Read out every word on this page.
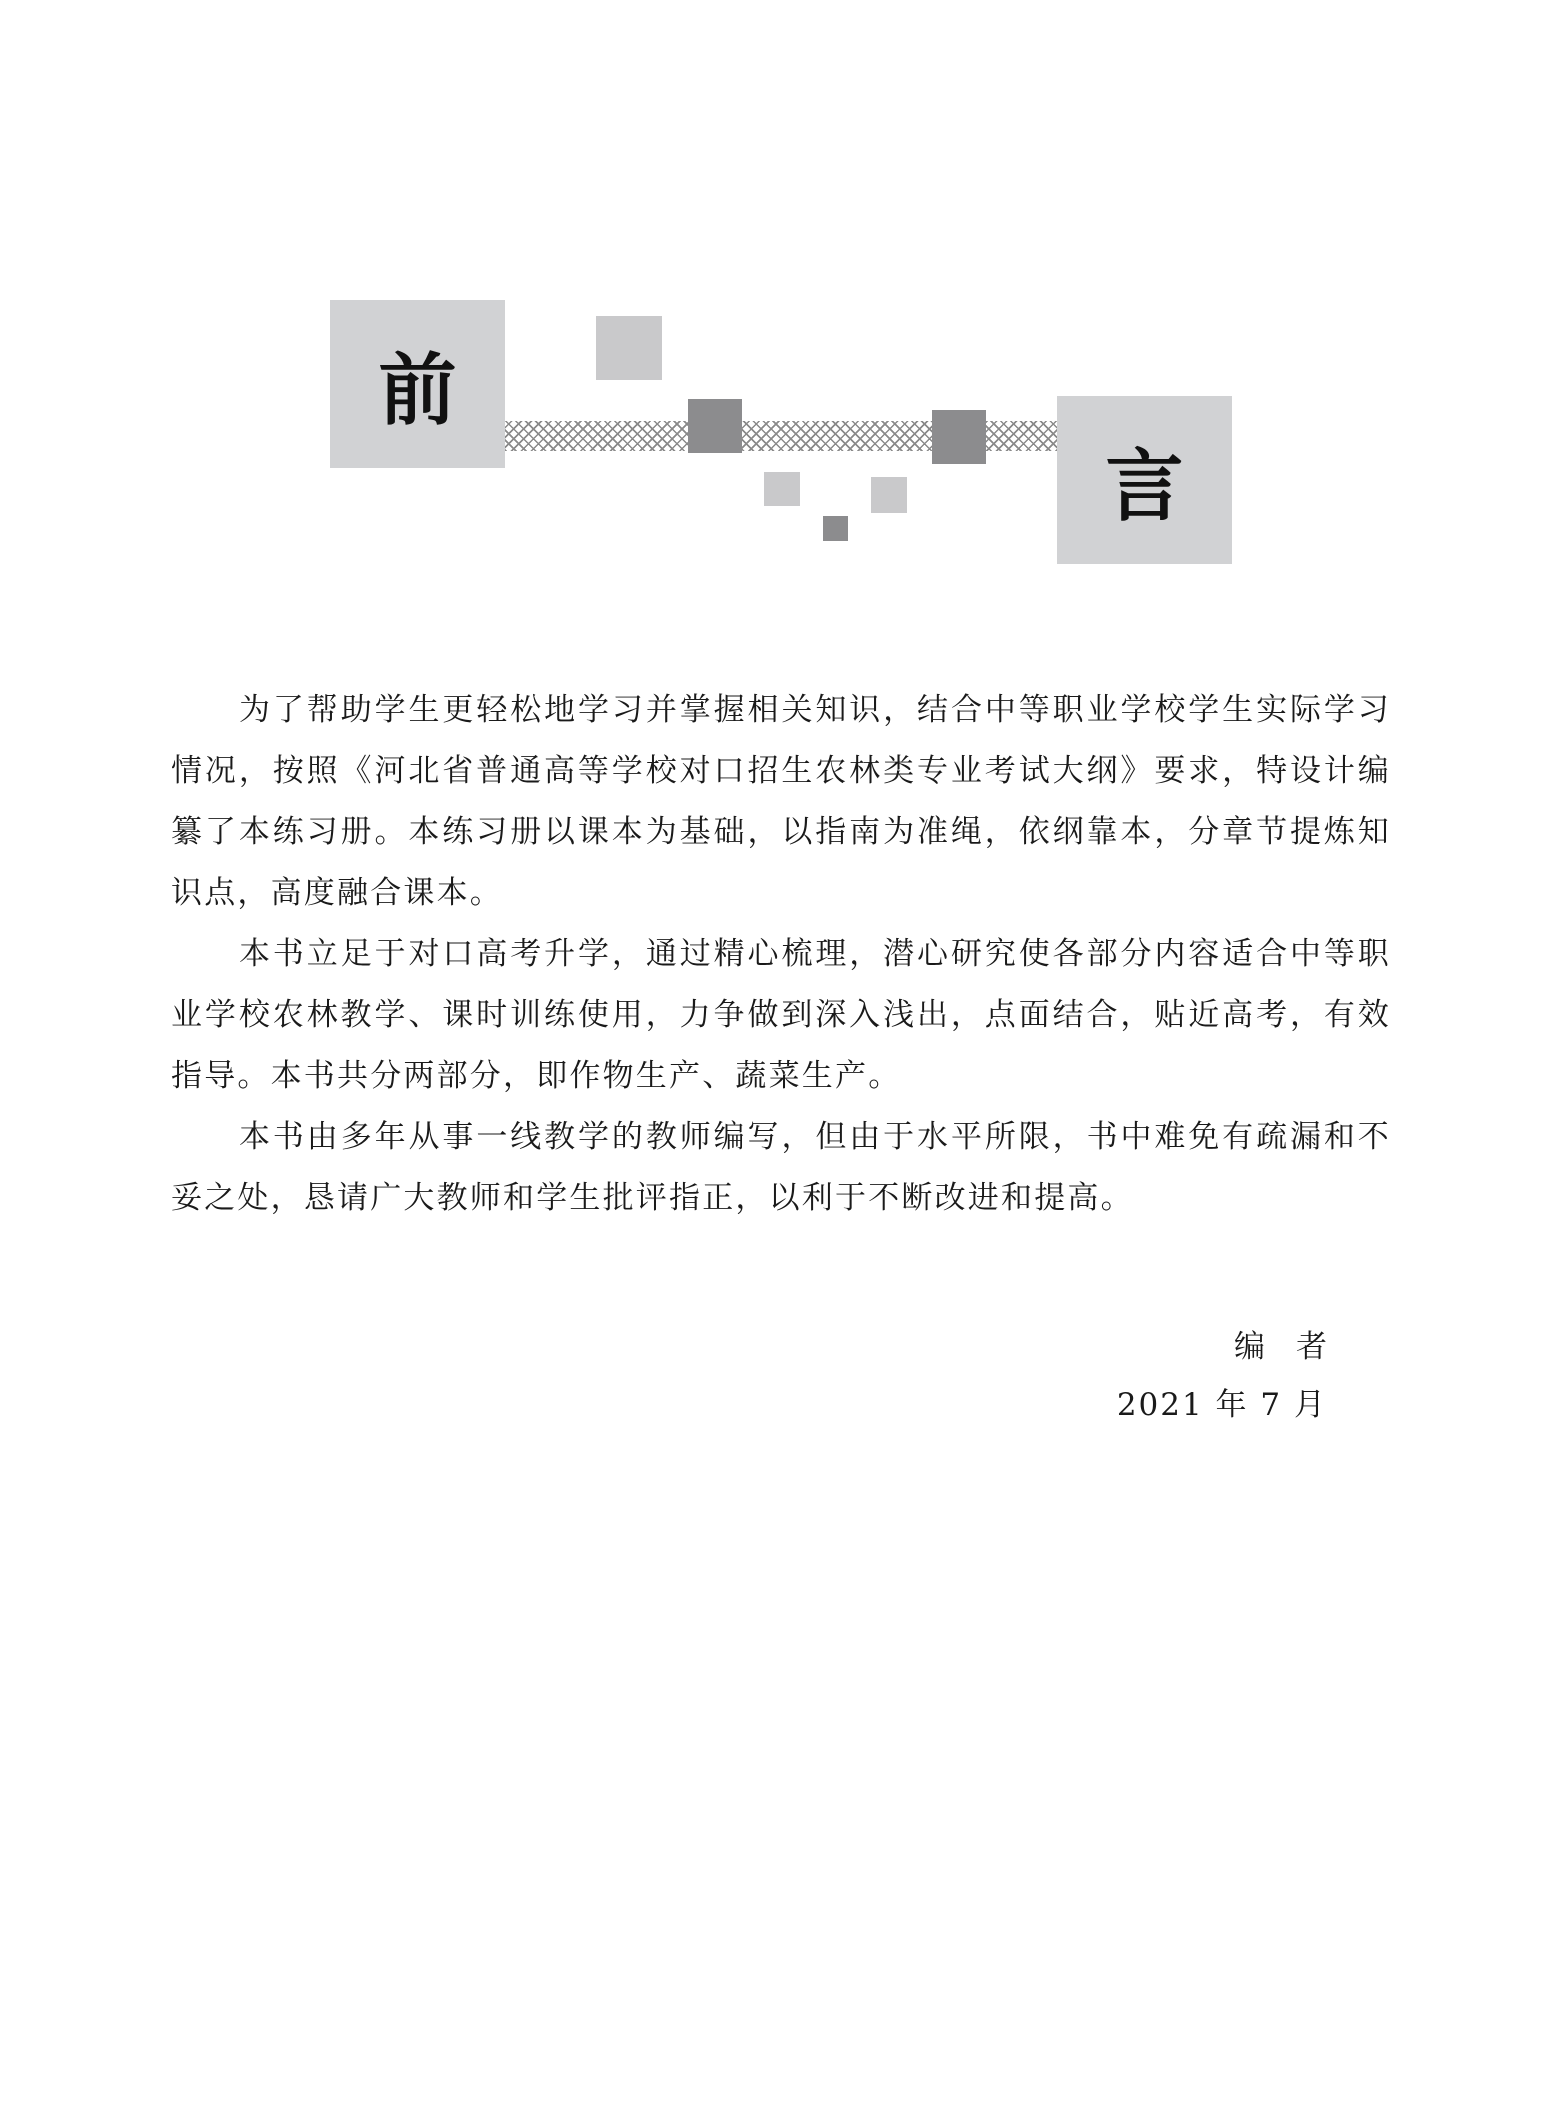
前
言

为了帮助学生更轻松地学习并掌握相关知识，结合中等职业学校学生实际学习情况，按照《河北省普通高等学校对口招生农林类专业考试大纲》要求，特设计编纂了本练习册。本练习册以课本为基础，以指南为准绳，依纲靠本，分章节提炼知识点，高度融合课本。

本书立足于对口高考升学，通过精心梳理，潜心研究使各部分内容适合中等职业学校农林教学、课时训练使用，力争做到深入浅出，点面结合，贴近高考，有效指导。本书共分两部分，即作物生产、蔬菜生产。

本书由多年从事一线教学的教师编写，但由于水平所限，书中难免有疏漏和不妥之处，恳请广大教师和学生批评指正，以利于不断改进和提高。

编　者
2021 年 7 月
